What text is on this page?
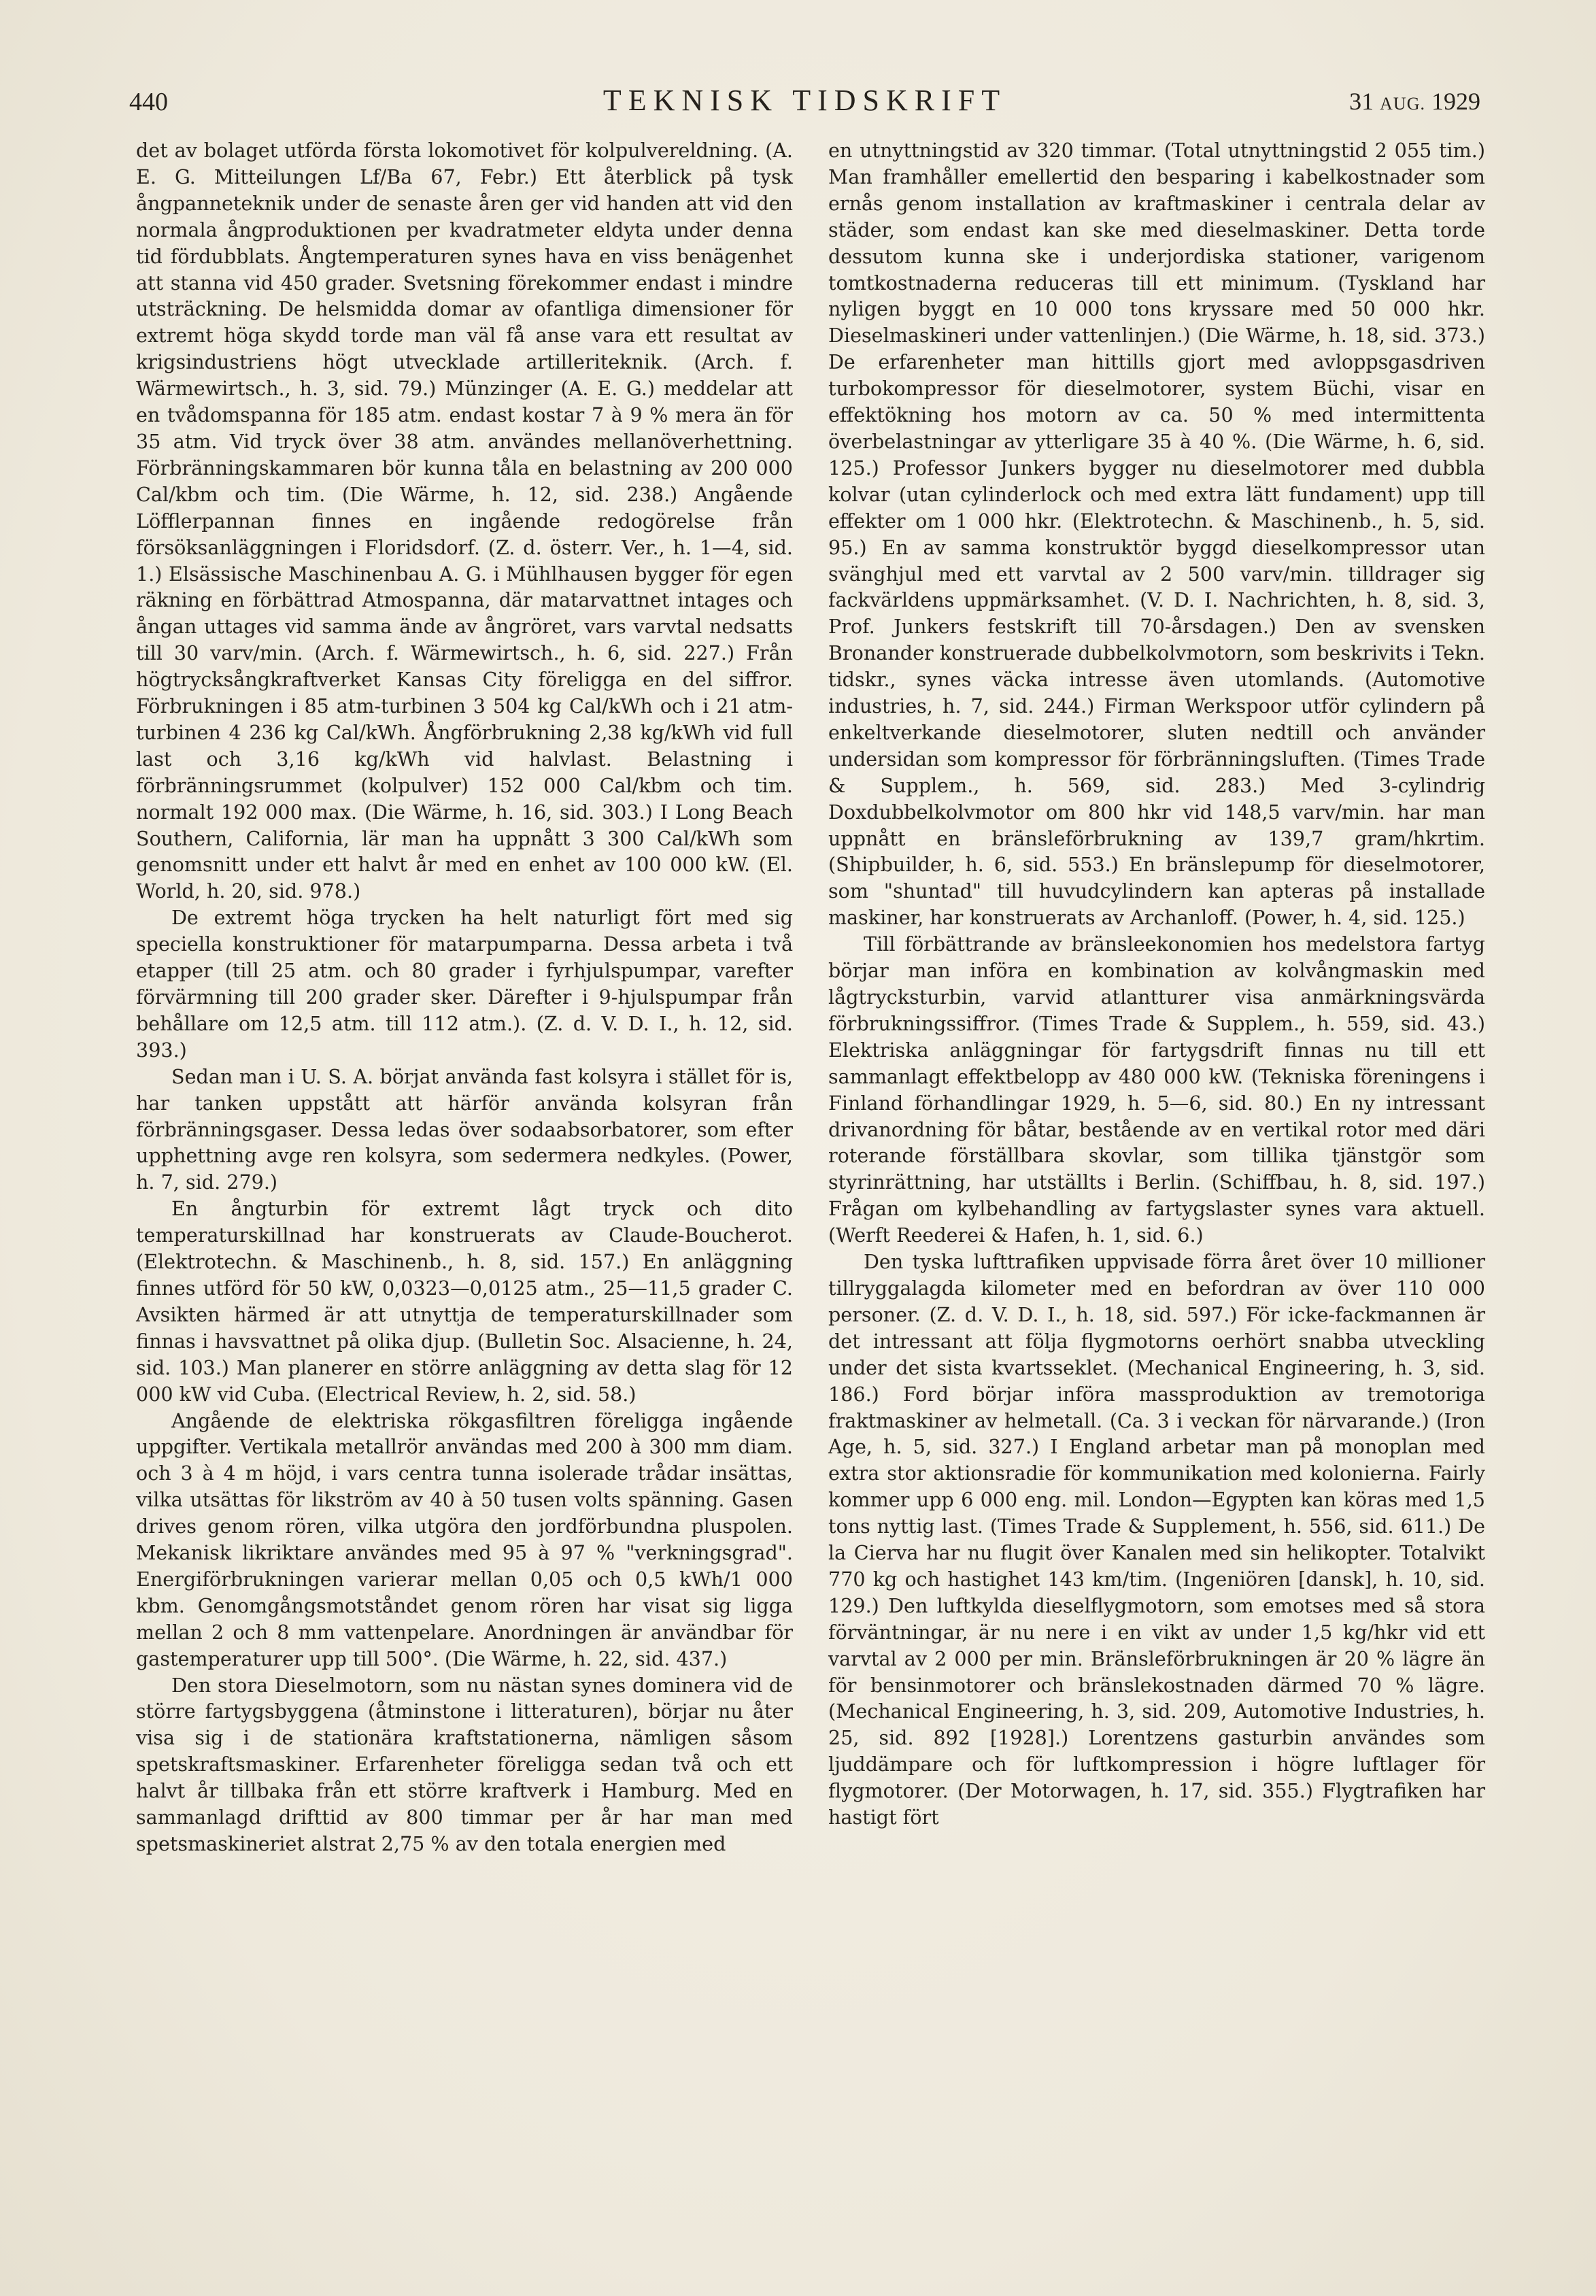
440	TEKNISK TIDSKRIFT	31 AUG. 1929

det av bolaget utförda första lokomotivet för kolpulvereldning. (A. E. G. Mitteilungen Lf/Ba 67, Febr.) Ett återblick på tysk ångpanneteknik under de senaste åren ger vid handen att vid den normala ångproduktionen per kvadratmeter eldyta under denna tid fördubblats. Ångtemperaturen synes hava en viss benägenhet att stanna vid 450 grader. Svetsning förekommer endast i mindre utsträckning. De helsmidda domar av ofantliga dimensioner för extremt höga skydd torde man väl få anse vara ett resultat av krigsindustriens högt utvecklade artilleriteknik. (Arch. f. Wärmewirtsch., h. 3, sid. 79.) Münzinger (A. E. G.) meddelar att en tvådomspanna för 185 atm. endast kostar 7 à 9 % mera än för 35 atm. Vid tryck över 38 atm. användes mellanöverhettning. Förbränningskammaren bör kunna tåla en belastning av 200 000 Cal/kbm och tim. (Die Wärme, h. 12, sid. 238.) Angående Löfflerpannan finnes en ingående redogörelse från försöksanläggningen i Floridsdorf. (Z. d. österr. Ver., h. 1—4, sid. 1.) Elsässische Maschinenbau A. G. i Mühlhausen bygger för egen räkning en förbättrad Atmospanna, där matarvattnet intages och ångan uttages vid samma ände av ångröret, vars varvtal nedsatts till 30 varv/min. (Arch. f. Wärmewirtsch., h. 6, sid. 227.) Från högtrycksångkraftverket Kansas City föreligga en del siffror. Förbrukningen i 85 atm-turbinen 3 504 kg Cal/kWh och i 21 atm-turbinen 4 236 kg Cal/kWh. Ångförbrukning 2,38 kg/kWh vid full last och 3,16 kg/kWh vid halvlast. Belastning i förbränningsrummet (kolpulver) 152 000 Cal/kbm och tim. normalt 192 000 max. (Die Wärme, h. 16, sid. 303.) I Long Beach Southern, California, lär man ha uppnått 3 300 Cal/kWh som genomsnitt under ett halvt år med en enhet av 100 000 kW. (El. World, h. 20, sid. 978.)

De extremt höga trycken ha helt naturligt fört med sig speciella konstruktioner för matarpumparna. Dessa arbeta i två etapper (till 25 atm. och 80 grader i fyrhjulspumpar, varefter förvärmning till 200 grader sker. Därefter i 9-hjulspumpar från behållare om 12,5 atm. till 112 atm.). (Z. d. V. D. I., h. 12, sid. 393.)

Sedan man i U. S. A. börjat använda fast kolsyra i stället för is, har tanken uppstått att härför använda kolsyran från förbränningsgaser. Dessa ledas över sodaabsorbatorer, som efter upphettning avge ren kolsyra, som sedermera nedkyles. (Power, h. 7, sid. 279.)

En ångturbin för extremt lågt tryck och dito temperaturskillnad har konstruerats av Claude-Boucherot. (Elektrotechn. & Maschinenb., h. 8, sid. 157.) En anläggning finnes utförd för 50 kW, 0,0323—0,0125 atm., 25—11,5 grader C. Avsikten härmed är att utnyttja de temperaturskillnader som finnas i havsvattnet på olika djup. (Bulletin Soc. Alsacienne, h. 24, sid. 103.) Man planerer en större anläggning av detta slag för 12 000 kW vid Cuba. (Electrical Review, h. 2, sid. 58.)

Angående de elektriska rökgasfiltren föreligga ingående uppgifter. Vertikala metallrör användas med 200 à 300 mm diam. och 3 à 4 m höjd, i vars centra tunna isolerade trådar insättas, vilka utsättas för likström av 40 à 50 tusen volts spänning. Gasen drives genom rören, vilka utgöra den jordförbundna pluspolen. Mekanisk likriktare användes med 95 à 97 % "verkningsgrad". Energiförbrukningen varierar mellan 0,05 och 0,5 kWh/1 000 kbm. Genomgångsmotståndet genom rören har visat sig ligga mellan 2 och 8 mm vattenpelare. Anordningen är användbar för gastemperaturer upp till 500°. (Die Wärme, h. 22, sid. 437.)

Den stora Dieselmotorn, som nu nästan synes dominera vid de större fartygsbyggena (åtminstone i litteraturen), börjar nu åter visa sig i de stationära kraftstationerna, nämligen såsom spetskraftsmaskiner. Erfarenheter föreligga sedan två och ett halvt år tillbaka från ett större kraftverk i Hamburg. Med en sammanlagd drifttid av 800 timmar per år har man med spetsmaskineriet alstrat 2,75 % av den totala energien med

en utnyttningstid av 320 timmar. (Total utnyttningstid 2 055 tim.) Man framhåller emellertid den besparing i kabelkostnader som ernås genom installation av kraftmaskiner i centrala delar av städer, som endast kan ske med dieselmaskiner. Detta torde dessutom kunna ske i underjordiska stationer, varigenom tomtkostnaderna reduceras till ett minimum. (Tyskland har nyligen byggt en 10 000 tons kryssare med 50 000 hkr. Dieselmaskineri under vattenlinjen.) (Die Wärme, h. 18, sid. 373.) De erfarenheter man hittills gjort med avloppsgasdriven turbokompressor för dieselmotorer, system Büchi, visar en effektökning hos motorn av ca. 50 % med intermittenta överbelastningar av ytterligare 35 à 40 %. (Die Wärme, h. 6, sid. 125.) Professor Junkers bygger nu dieselmotorer med dubbla kolvar (utan cylinderlock och med extra lätt fundament) upp till effekter om 1 000 hkr. (Elektrotechn. & Maschinenb., h. 5, sid. 95.) En av samma konstruktör byggd dieselkompressor utan svänghjul med ett varvtal av 2 500 varv/min. tilldrager sig fackvärldens uppmärksamhet. (V. D. I. Nachrichten, h. 8, sid. 3, Prof. Junkers festskrift till 70-årsdagen.) Den av svensken Bronander konstruerade dubbelkolvmotorn, som beskrivits i Tekn. tidskr., synes väcka intresse även utomlands. (Automotive industries, h. 7, sid. 244.) Firman Werkspoor utför cylindern på enkeltverkande dieselmotorer, sluten nedtill och använder undersidan som kompressor för förbränningsluften. (Times Trade & Supplem., h. 569, sid. 283.) Med 3-cylindrig Doxdubbelkolvmotor om 800 hkr vid 148,5 varv/min. har man uppnått en bränsleförbrukning av 139,7 gram/hkrtim. (Shipbuilder, h. 6, sid. 553.) En bränslepump för dieselmotorer, som "shuntad" till huvudcylindern kan apteras på installade maskiner, har konstruerats av Archanloff. (Power, h. 4, sid. 125.)

Till förbättrande av bränsleekonomien hos medelstora fartyg börjar man införa en kombination av kolvångmaskin med lågtrycksturbin, varvid atlantturer visa anmärkningsvärda förbrukningssiffror. (Times Trade & Supplem., h. 559, sid. 43.) Elektriska anläggningar för fartygsdrift finnas nu till ett sammanlagt effektbelopp av 480 000 kW. (Tekniska föreningens i Finland förhandlingar 1929, h. 5—6, sid. 80.) En ny intressant drivanordning för båtar, bestående av en vertikal rotor med däri roterande förställbara skovlar, som tillika tjänstgör som styrinrättning, har utställts i Berlin. (Schiffbau, h. 8, sid. 197.) Frågan om kylbehandling av fartygslaster synes vara aktuell. (Werft Reederei & Hafen, h. 1, sid. 6.)

Den tyska lufttrafiken uppvisade förra året över 10 millioner tillryggalagda kilometer med en befordran av över 110 000 personer. (Z. d. V. D. I., h. 18, sid. 597.) För icke-fackmannen är det intressant att följa flygmotorns oerhört snabba utveckling under det sista kvartsseklet. (Mechanical Engineering, h. 3, sid. 186.) Ford börjar införa massproduktion av tremotoriga fraktmaskiner av helmetall. (Ca. 3 i veckan för närvarande.) (Iron Age, h. 5, sid. 327.) I England arbetar man på monoplan med extra stor aktionsradie för kommunikation med kolonierna. Fairly kommer upp 6 000 eng. mil. London—Egypten kan köras med 1,5 tons nyttig last. (Times Trade & Supplement, h. 556, sid. 611.) De la Cierva har nu flugit över Kanalen med sin helikopter. Totalvikt 770 kg och hastighet 143 km/tim. (Ingeniören [dansk], h. 10, sid. 129.) Den luftkylda dieselflygmotorn, som emotses med så stora förväntningar, är nu nere i en vikt av under 1,5 kg/hkr vid ett varvtal av 2 000 per min. Bränsleförbrukningen är 20 % lägre än för bensinmotorer och bränslekostnaden därmed 70 % lägre. (Mechanical Engineering, h. 3, sid. 209, Automotive Industries, h. 25, sid. 892 [1928].) Lorentzens gasturbin användes som ljuddämpare och för luftkompression i högre luftlager för flygmotorer. (Der Motorwagen, h. 17, sid. 355.) Flygtrafiken har hastigt fört
